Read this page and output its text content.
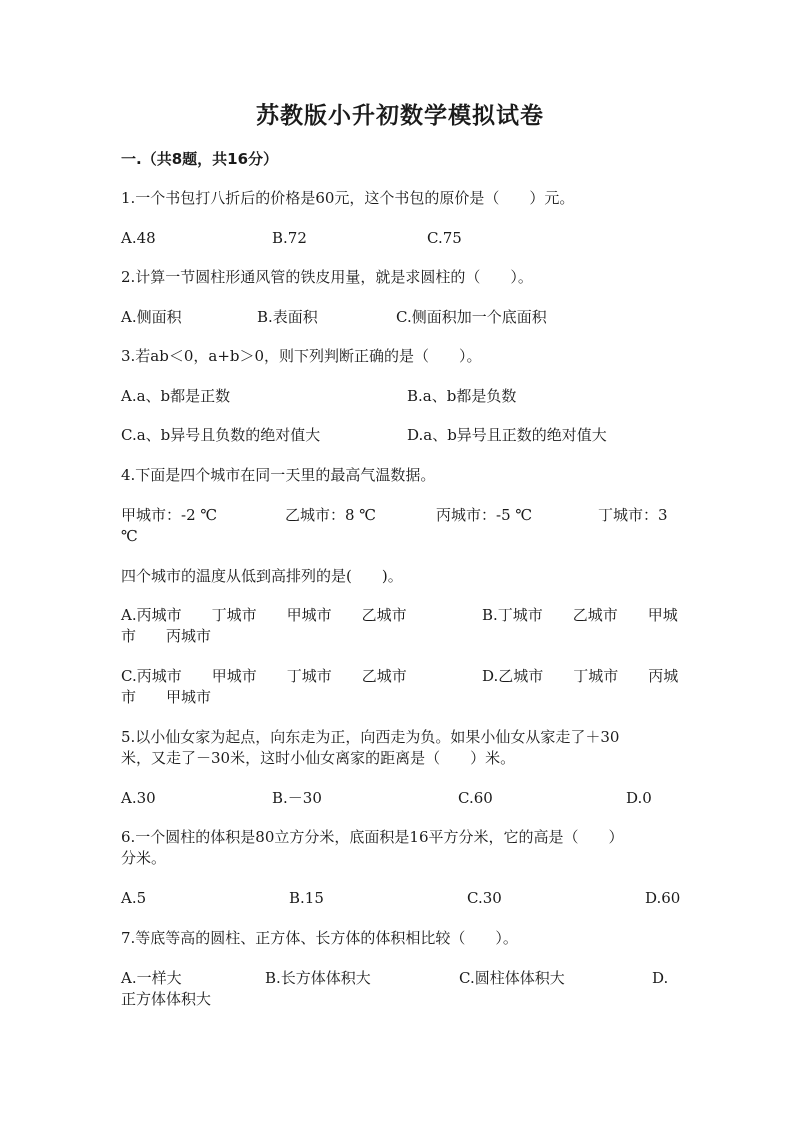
苏教版小升初数学模拟试卷
一.（共8题，共16分）
1.一个书包打八折后的价格是60元，这个书包的原价是（　　）元。
A.48	B.72	C.75
2.计算一节圆柱形通风管的铁皮用量，就是求圆柱的（　　）。
A.侧面积	B.表面积	C.侧面积加一个底面积
3.若ab＜0，a+b＞0，则下列判断正确的是（　　）。
A.a、b都是正数	B.a、b都是负数
C.a、b异号且负数的绝对值大	D.a、b异号且正数的绝对值大
4.下面是四个城市在同一天里的最高气温数据。
甲城市：-2 ℃	乙城市：8 ℃	丙城市：-5 ℃	丁城市：3
℃
四个城市的温度从低到高排列的是(　　)。
A.丙城市　　丁城市　　甲城市　　乙城市	B.丁城市　　乙城市　　甲城
市　　丙城市
C.丙城市　　甲城市　　丁城市　　乙城市	D.乙城市　　丁城市　　丙城
市　　甲城市
5.以小仙女家为起点，向东走为正，向西走为负。如果小仙女从家走了＋30
米，又走了－30米，这时小仙女离家的距离是（　　）米。
A.30	B.－30	C.60	D.0
6.一个圆柱的体积是80立方分米，底面积是16平方分米，它的高是（　　）
分米。
A.5	B.15	C.30	D.60
7.等底等高的圆柱、正方体、长方体的体积相比较（　　）。
A.一样大	B.长方体体积大	C.圆柱体体积大	D.
正方体体积大
